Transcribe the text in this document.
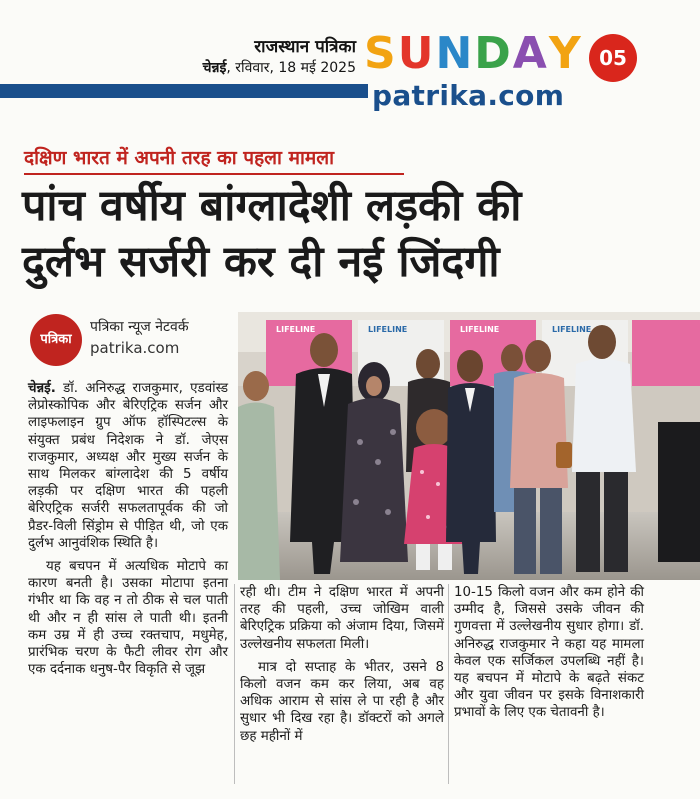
राजस्थान पत्रिका
चेन्नई, रविवार, 18 मई 2025 SUNDAY 05
patrika.com
दक्षिण भारत में अपनी तरह का पहला मामला
पांच वर्षीय बांग्लादेशी लड़की की
दुर्लभ सर्जरी कर दी नई जिंदगी
पत्रिका
पत्रिका न्यूज नेटवर्क
patrika.com
LIFELINE	LIFELINE	LIFELINE	LIFELINE

चेन्नई. डॉ. अनिरुद्ध राजकुमार, एडवांस्ड लेप्रोस्कोपिक और बेरिएट्रिक सर्जन और लाइफलाइन ग्रुप ऑफ हॉस्पिटल्स के संयुक्त प्रबंध निदेशक ने डॉ. जेएस राजकुमार, अध्यक्ष और मुख्य सर्जन के साथ मिलकर बांग्लादेश की 5 वर्षीय लड़की पर दक्षिण भारत की पहली बेरिएट्रिक सर्जरी सफलतापूर्वक की जो प्रैडर-विली सिंड्रोम से पीड़ित थी, जो एक दुर्लभ आनुवंशिक स्थिति है।

यह बचपन में अत्यधिक मोटापे का कारण बनती है। उसका मोटापा इतना गंभीर था कि वह न तो ठीक से चल पाती थी और न ही सांस ले पाती थी। इतनी कम उम्र में ही उच्च रक्तचाप, मधुमेह, प्रारंभिक चरण के फैटी लीवर रोग और एक दर्दनाक धनुष-पैर विकृति से जूझ

रही थी। टीम ने दक्षिण भारत में अपनी तरह की पहली, उच्च जोखिम वाली बेरिएट्रिक प्रक्रिया को अंजाम दिया, जिसमें उल्लेखनीय सफलता मिली।

मात्र दो सप्ताह के भीतर, उसने 8 किलो वजन कम कर लिया, अब वह अधिक आराम से सांस ले पा रही है और सुधार भी दिख रहा है। डॉक्टरों को अगले छह महीनों में

10-15 किलो वजन और कम होने की उम्मीद है, जिससे उसके जीवन की गुणवत्ता में उल्लेखनीय सुधार होगा। डॉ. अनिरुद्ध राजकुमार ने कहा यह मामला केवल एक सर्जिकल उपलब्धि नहीं है। यह बचपन में मोटापे के बढ़ते संकट और युवा जीवन पर इसके विनाशकारी प्रभावों के लिए एक चेतावनी है।
